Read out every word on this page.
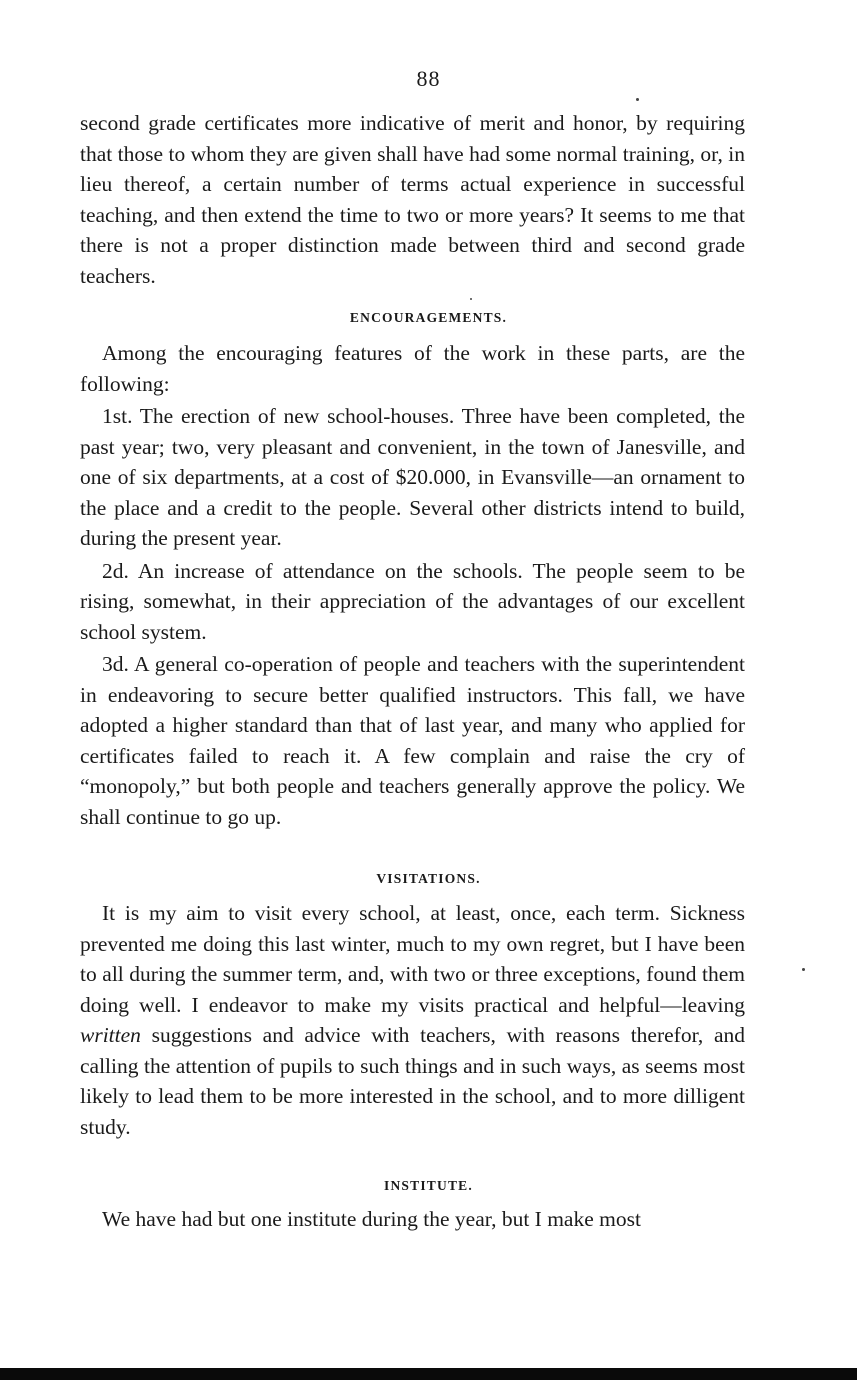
88

second grade certificates more indicative of merit and honor, by requiring that those to whom they are given shall have had some normal training, or, in lieu thereof, a certain number of terms actual experience in successful teaching, and then extend the time to two or more years? It seems to me that there is not a proper distinction made between third and second grade teachers.

ENCOURAGEMENTS.

Among the encouraging features of the work in these parts, are the following:

1st. The erection of new school-houses. Three have been completed, the past year; two, very pleasant and convenient, in the town of Janesville, and one of six departments, at a cost of $20.000, in Evansville—an ornament to the place and a credit to the people. Several other districts intend to build, during the present year.

2d. An increase of attendance on the schools. The people seem to be rising, somewhat, in their appreciation of the advantages of our excellent school system.

3d. A general co-operation of people and teachers with the superintendent in endeavoring to secure better qualified instructors. This fall, we have adopted a higher standard than that of last year, and many who applied for certificates failed to reach it. A few complain and raise the cry of “monopoly,” but both people and teachers generally approve the policy. We shall continue to go up.

VISITATIONS.

It is my aim to visit every school, at least, once, each term. Sickness prevented me doing this last winter, much to my own regret, but I have been to all during the summer term, and, with two or three exceptions, found them doing well. I endeavor to make my visits practical and helpful—leaving written suggestions and advice with teachers, with reasons therefor, and calling the attention of pupils to such things and in such ways, as seems most likely to lead them to be more interested in the school, and to more dilligent study.

INSTITUTE.

We have had but one institute during the year, but I make most
